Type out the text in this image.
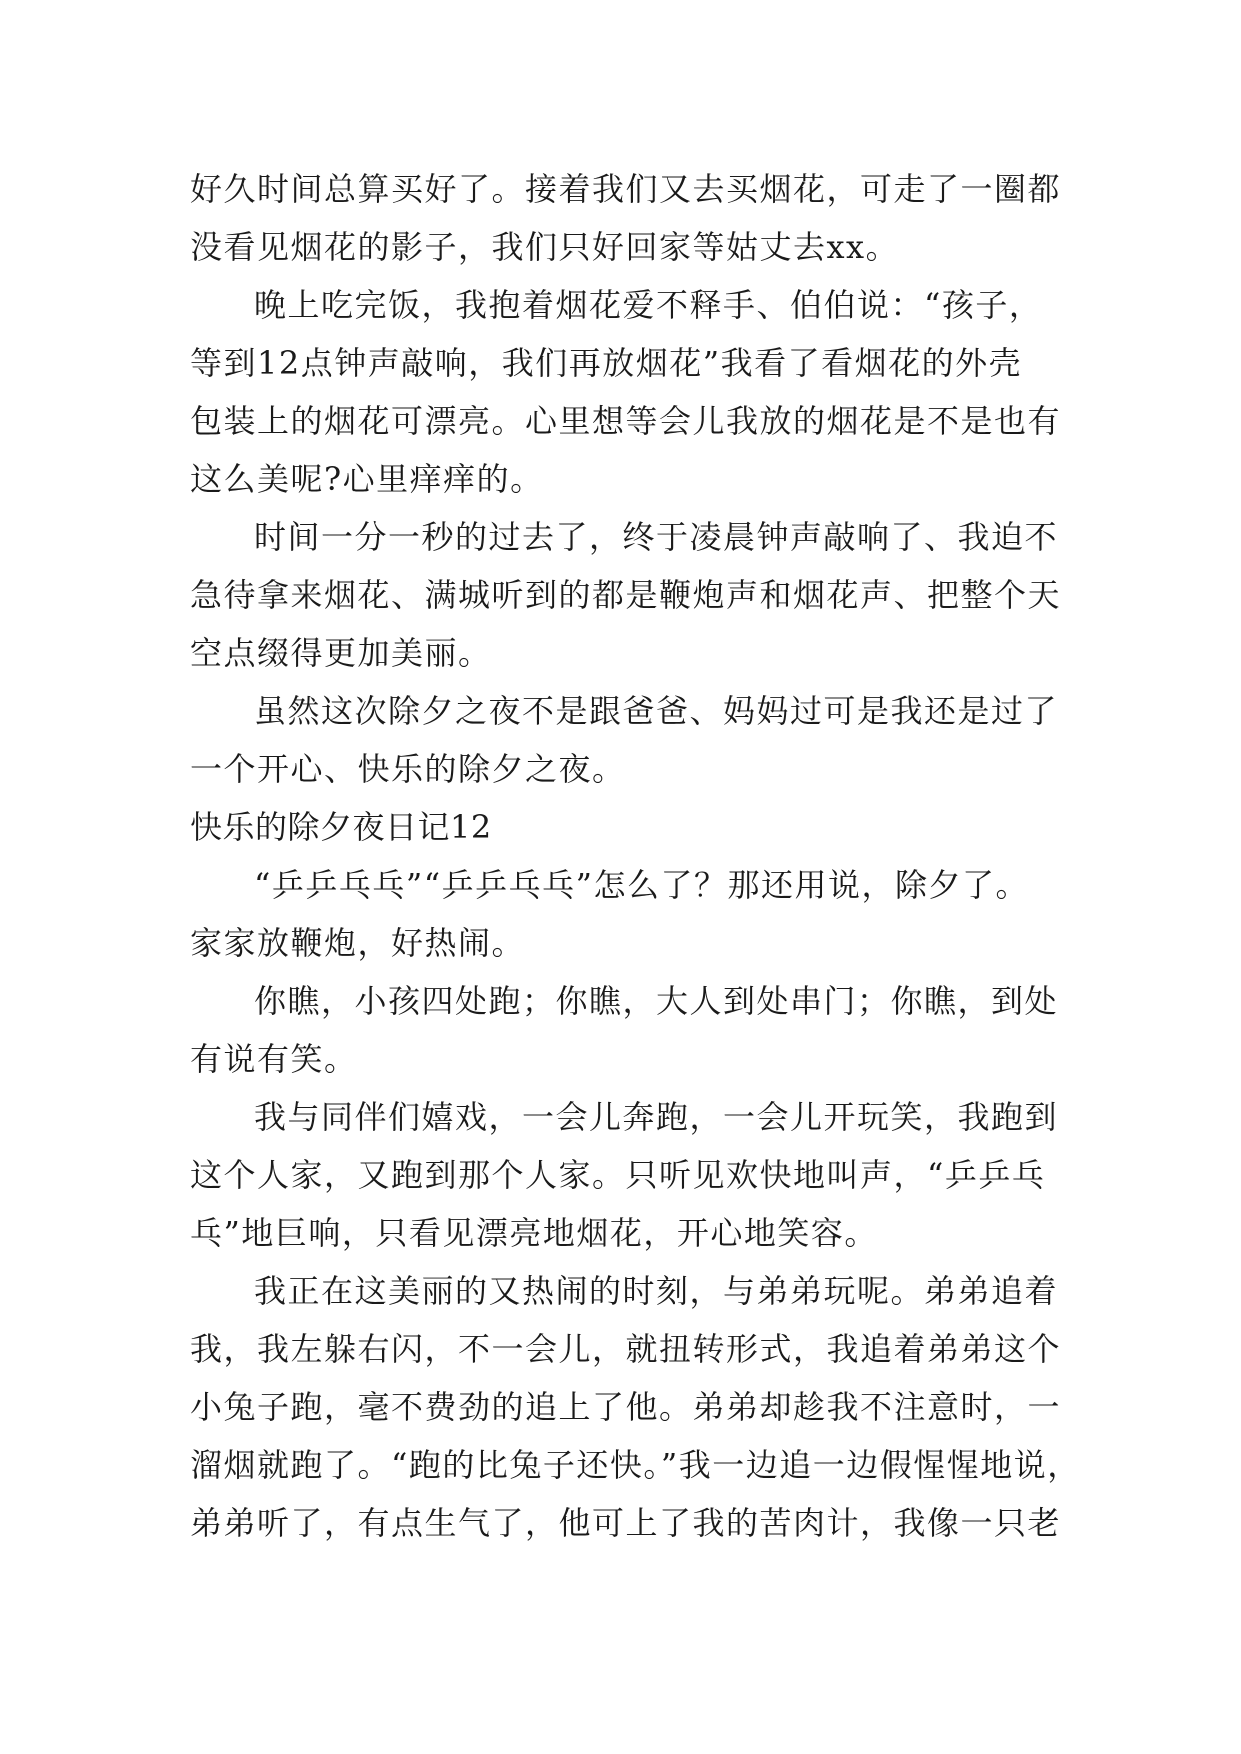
好久时间总算买好了。接着我们又去买烟花，可走了一圈都
没看见烟花的影子，我们只好回家等姑丈去xx。
晚上吃完饭，我抱着烟花爱不释手、伯伯说：“孩子，
等到12点钟声敲响，我们再放烟花”我看了看烟花的外壳
包装上的烟花可漂亮。心里想等会儿我放的烟花是不是也有
这么美呢?心里痒痒的。
时间一分一秒的过去了，终于凌晨钟声敲响了、我迫不
急待拿来烟花、满城听到的都是鞭炮声和烟花声、把整个天
空点缀得更加美丽。
虽然这次除夕之夜不是跟爸爸、妈妈过可是我还是过了
一个开心、快乐的除夕之夜。
快乐的除夕夜日记12
“乒乒乓乓”“乒乒乓乓”怎么了？那还用说，除夕了。
家家放鞭炮，好热闹。
你瞧，小孩四处跑；你瞧，大人到处串门；你瞧，到处
有说有笑。
我与同伴们嬉戏，一会儿奔跑，一会儿开玩笑，我跑到
这个人家，又跑到那个人家。只听见欢快地叫声，“乒乒乓
乓”地巨响，只看见漂亮地烟花，开心地笑容。
我正在这美丽的又热闹的时刻，与弟弟玩呢。弟弟追着
我，我左躲右闪，不一会儿，就扭转形式，我追着弟弟这个
小兔子跑，毫不费劲的追上了他。弟弟却趁我不注意时，一
溜烟就跑了。“跑的比兔子还快。”我一边追一边假惺惺地说，
弟弟听了，有点生气了，他可上了我的苦肉计，我像一只老
